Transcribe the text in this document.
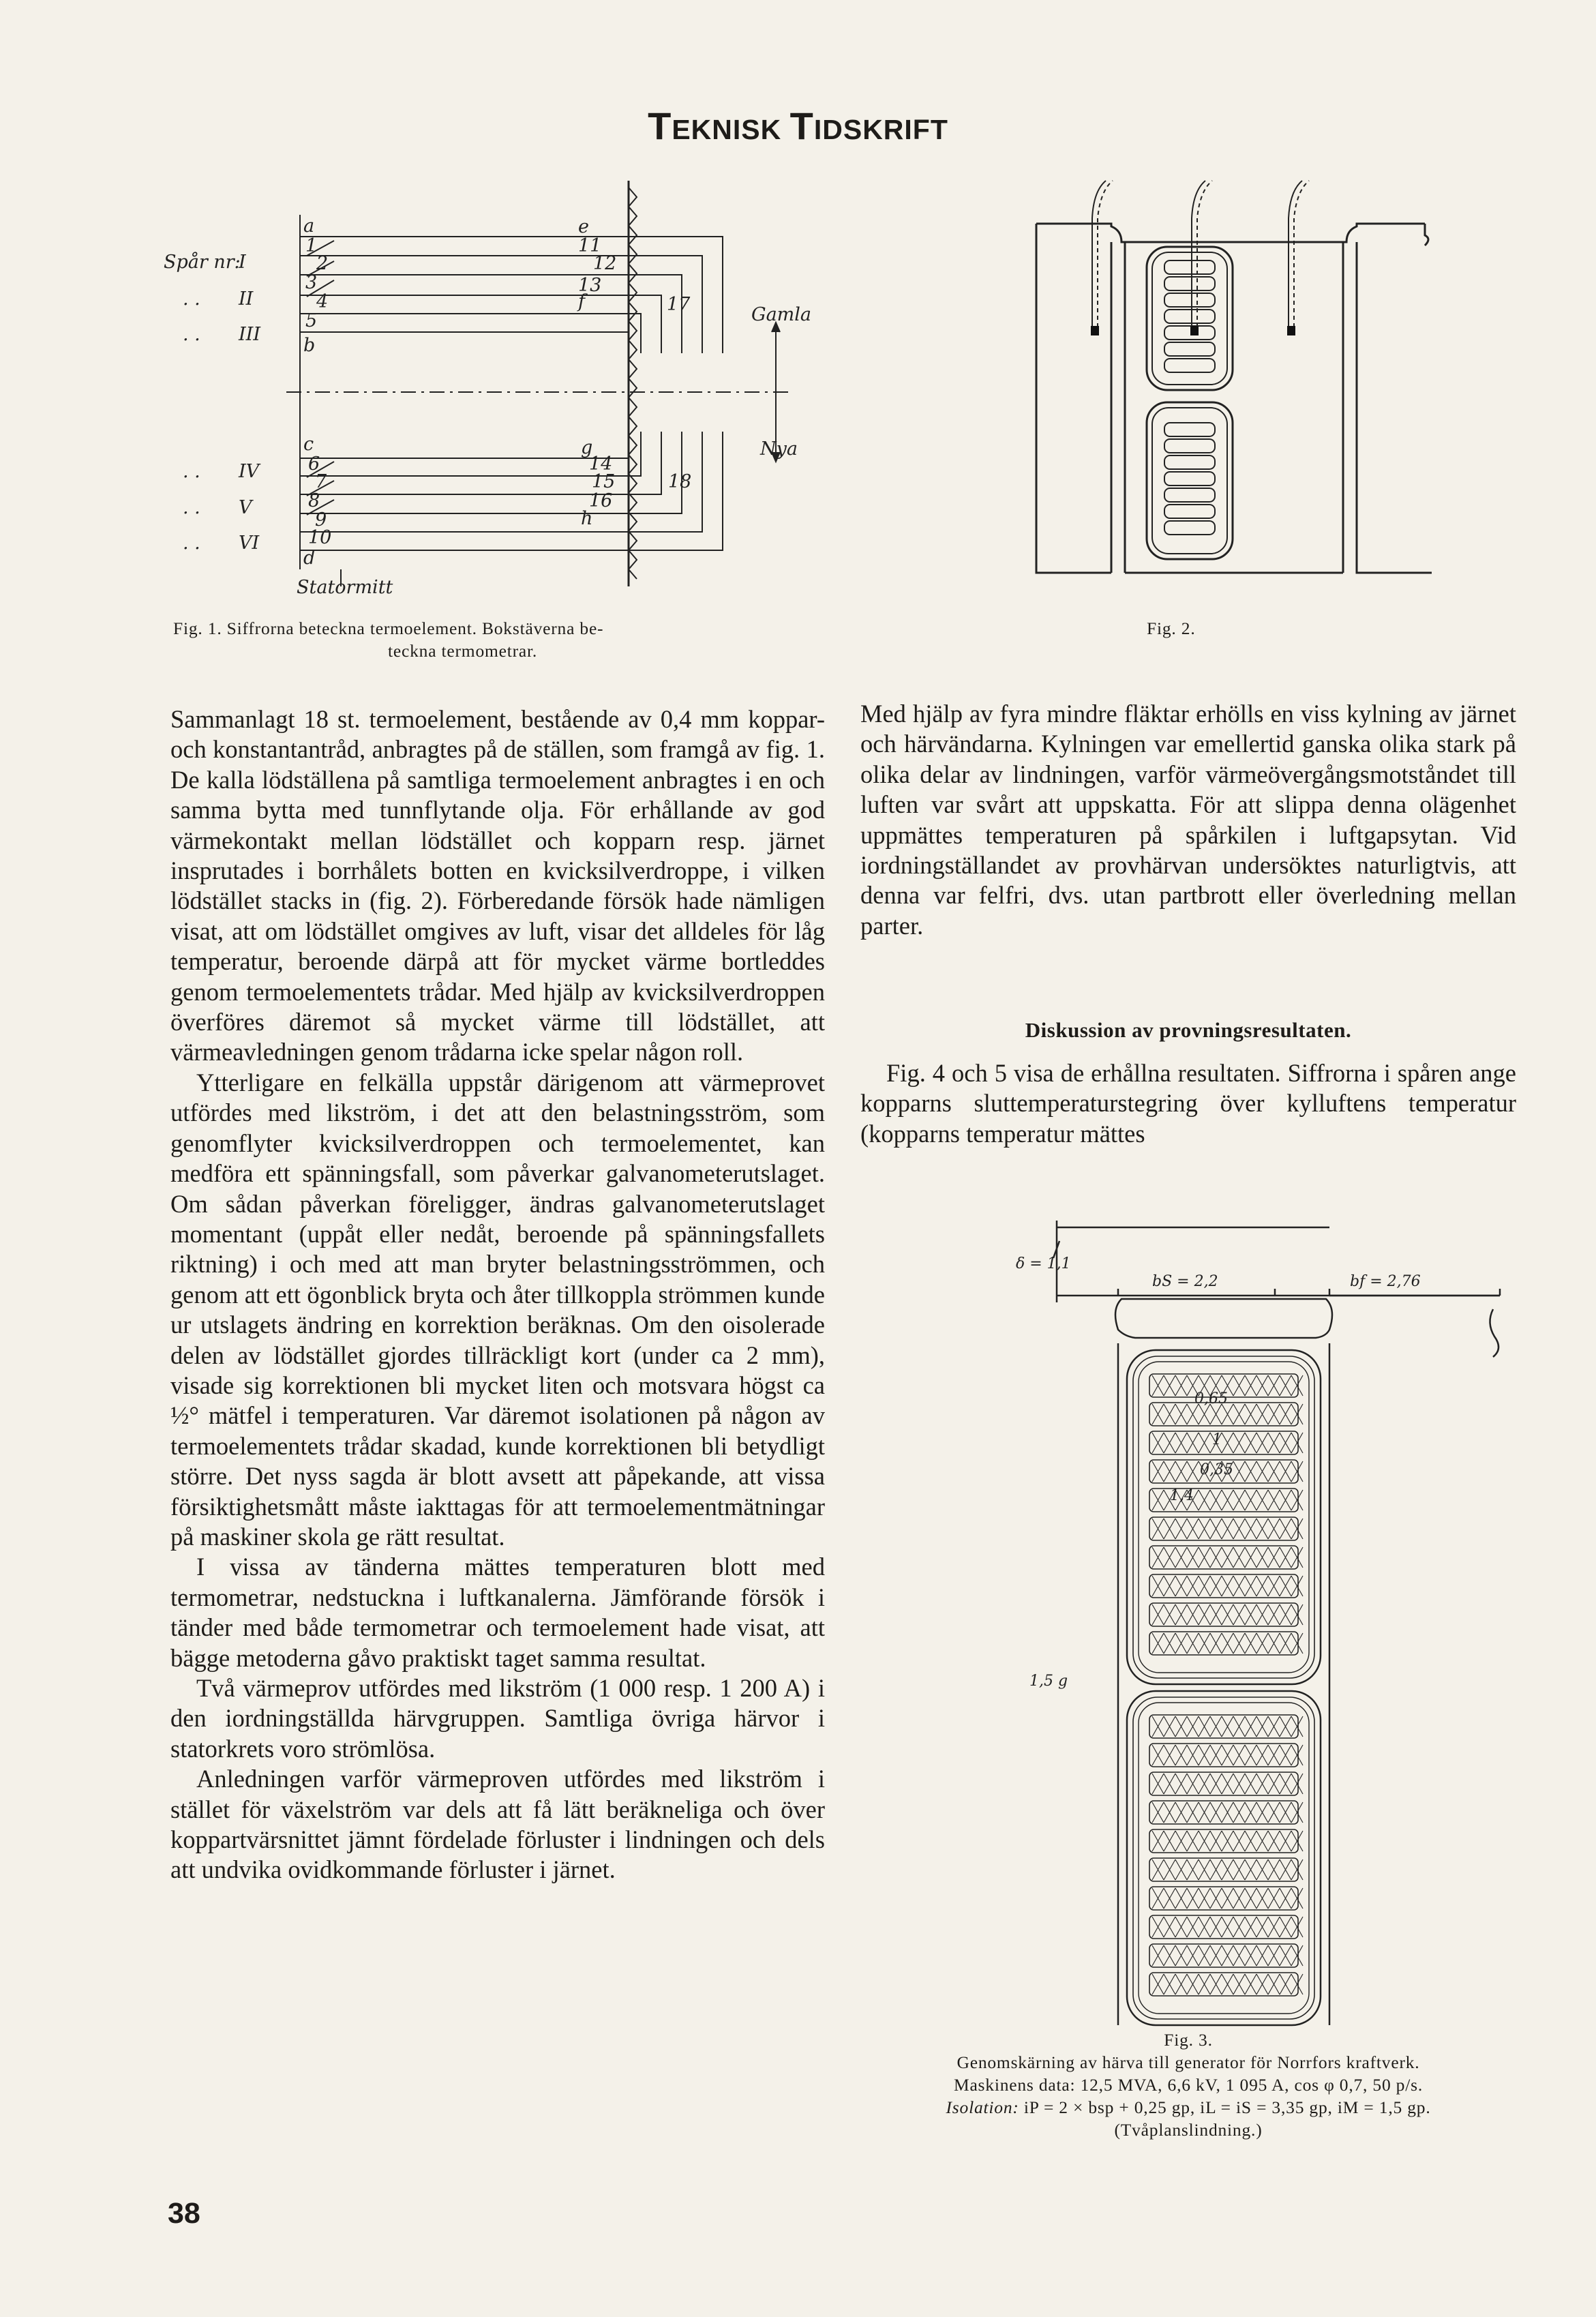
TEKNISK TIDSKRIFT
Spår nr:
I
. . II
. . III
. . IV
. . V
. . VI
a
1
2
3
4
5
b
e
11
12
13
f	17
c
6
7
8
9
10
d
g
14
15
16
h
18
Gamla
Nya
Statormitt
Fig. 1. Siffrorna beteckna termoelement. Bokstäverna be-
teckna termometrar.
Fig. 2.

Sammanlagt 18 st. termoelement, bestående av 0,4 mm koppar- och konstantantråd, anbragtes på de ställen, som framgå av fig. 1. De kalla lödställena på samtliga termoelement anbragtes i en och samma bytta med tunnflytande olja. För erhållande av god värmekontakt mellan lödstället och kopparn resp. järnet insprutades i borrhålets botten en kvicksilverdroppe, i vilken lödstället stacks in (fig. 2). Förberedande försök hade nämligen visat, att om lödstället omgives av luft, visar det alldeles för låg temperatur, beroende därpå att för mycket värme bortleddes genom termoelementets trådar. Med hjälp av kvicksilverdroppen överföres däremot så mycket värme till lödstället, att värmeavledningen genom trådarna icke spelar någon roll.

Ytterligare en felkälla uppstår därigenom att värmeprovet utfördes med likström, i det att den belastningsström, som genomflyter kvicksilverdroppen och termoelementet, kan medföra ett spänningsfall, som påverkar galvanometerutslaget. Om sådan påverkan föreligger, ändras galvanometerutslaget momentant (uppåt eller nedåt, beroende på spänningsfallets riktning) i och med att man bryter belastningsströmmen, och genom att ett ögonblick bryta och åter tillkoppla strömmen kunde ur utslagets ändring en korrektion beräknas. Om den oisolerade delen av lödstället gjordes tillräckligt kort (under ca 2 mm), visade sig korrektionen bli mycket liten och motsvara högst ca ½° mätfel i temperaturen. Var däremot isolationen på någon av termoelementets trådar skadad, kunde korrektionen bli betydligt större. Det nyss sagda är blott avsett att påpekande, att vissa försiktighetsmått måste iakttagas för att termoelementmätningar på maskiner skola ge rätt resultat.

I vissa av tänderna mättes temperaturen blott med termometrar, nedstuckna i luftkanalerna. Jämförande försök i tänder med både termometrar och termoelement hade visat, att bägge metoderna gåvo praktiskt taget samma resultat.

Två värmeprov utfördes med likström (1 000 resp. 1 200 A) i den iordningställda härvgruppen. Samtliga övriga härvor i statorkrets voro strömlösa.

Anledningen varför värmeproven utfördes med likström i stället för växelström var dels att få lätt beräkneliga och över koppartvärsnittet jämnt fördelade förluster i lindningen och dels att undvika ovidkommande förluster i järnet.

Med hjälp av fyra mindre fläktar erhölls en viss kylning av järnet och härvändarna. Kylningen var emellertid ganska olika stark på olika delar av lindningen, varför värmeövergångsmotståndet till luften var svårt att uppskatta. För att slippa denna olägenhet uppmättes temperaturen på spårkilen i luftgapsytan. Vid iordningställandet av provhärvan undersöktes naturligtvis, att denna var felfri, dvs. utan partbrott eller överledning mellan parter.

Diskussion av provningsresultaten.

Fig. 4 och 5 visa de erhållna resultaten. Siffrorna i spåren ange kopparns sluttemperaturstegring över kylluftens temperatur (kopparns temperatur mättes

δ = 1,1
bS = 2,2	bf = 2,76
0,65
1
0,35
1,4
1,5 g
Fig. 3.
Genomskärning av härva till generator för Norrfors kraftverk.
Maskinens data: 12,5 MVA, 6,6 kV, 1 095 A, cos φ 0,7, 50 p/s.
Isolation: iP = 2 × bsp + 0,25 gp, iL = iS = 3,35 gp, iM = 1,5 gp.
(Tvåplanslindning.)
38
